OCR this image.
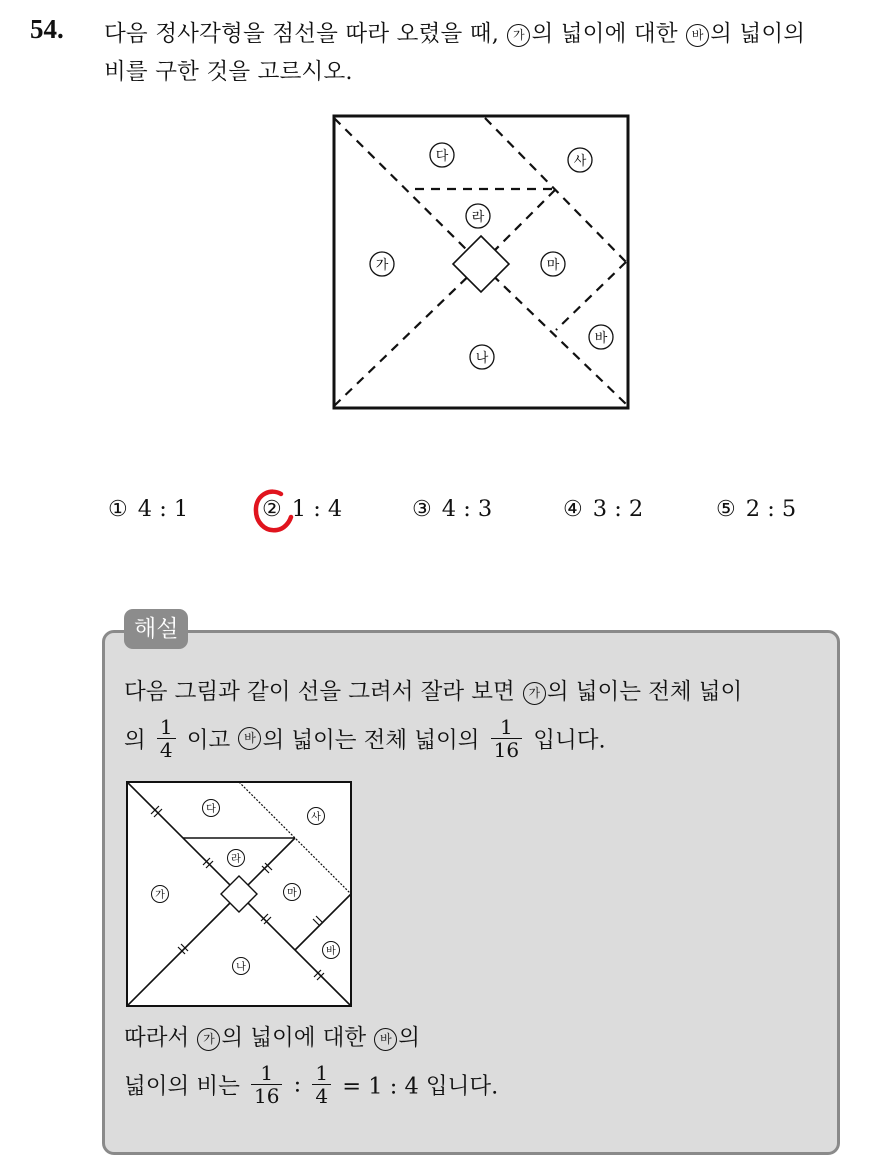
54. 다음 정사각형을 점선을 따라 오렸을 때, 가 의 넓이에 대한 바 의 넓이의
비를 구한 것을 고르시오.
다	사
라
가	마
바
나
① 4 : 1	② 1 : 4	③ 4 : 3	④ 3 : 2	⑤ 2 : 5
해설
다음 그림과 같이 선을 그려서 잘라 보면 가 의 넓이는 전체 넓이
의 $\frac{1}{4}$ 이고 바 의 넓이는 전체 넓이의 $\frac{1}{16}$ 입니다.
다
사
라
가	마
바
나
따라서 가 의 넓이에 대한 바 의
넓이의 비는 $\frac{1}{16}$ : $\frac{1}{4} = 1$ : 4 입니다.
